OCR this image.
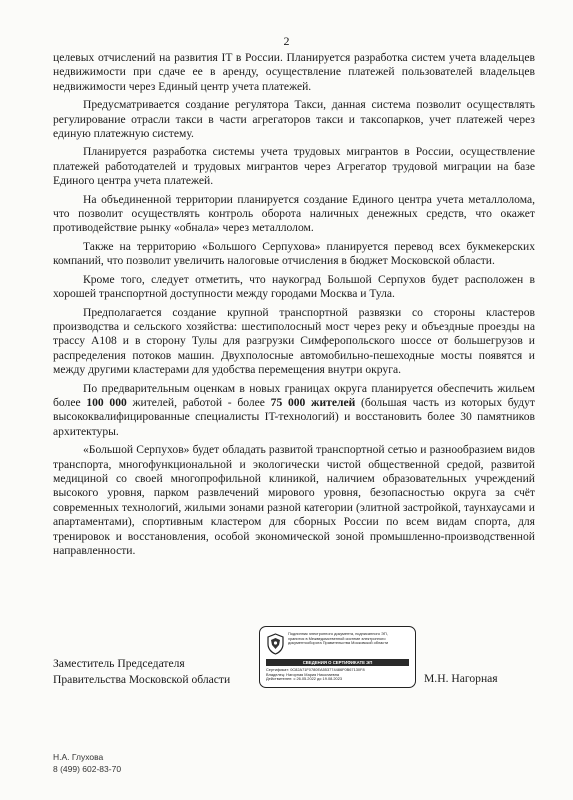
2

целевых отчислений на развития IT в России. Планируется разработка систем учета владельцев недвижимости при сдаче ее в аренду, осуществление платежей пользователей владельцев недвижимости через Единый центр учета платежей.

Предусматривается создание регулятора Такси, данная система позволит осуществлять регулирование отрасли такси в части агрегаторов такси и таксопарков, учет платежей через единую платежную систему.

Планируется разработка системы учета трудовых мигрантов в России, осуществление платежей работодателей и трудовых мигрантов через Агрегатор трудовой миграции на базе Единого центра учета платежей.

На объединенной территории планируется создание Единого центра учета металлолома, что позволит осуществлять контроль оборота наличных денежных средств, что окажет противодействие рынку «обнала» через металлолом.

Также на территорию «Большого Серпухова» планируется перевод всех букмекерских компаний, что позволит увеличить налоговые отчисления в бюджет Московской области.

Кроме того, следует отметить, что наукоград Большой Серпухов будет расположен в хорошей транспортной доступности между городами Москва и Тула.

Предполагается создание крупной транспортной развязки со стороны кластеров производства и сельского хозяйства: шестиполосный мост через реку и объездные проезды на трассу А108 и в сторону Тулы для разгрузки Симферопольского шоссе от большегрузов и распределения потоков машин. Двухполосные автомобильно-пешеходные мосты появятся и между другими кластерами для удобства перемещения внутри округа.

По предварительным оценкам в новых границах округа планируется обеспечить жильем более 100 000 жителей, работой - более 75 000 жителей (большая часть из которых будут высококвалифицированные специалисты IT-технологий) и восстановить более 30 памятников архитектуры.

«Большой Серпухов» будет обладать развитой транспортной сетью и разнообразием видов транспорта, многофункциональной и экологически чистой общественной средой, развитой медициной со своей многопрофильной клиникой, наличием образовательных учреждений высокого уровня, парком развлечений мирового уровня, безопасностью округа за счёт современных технологий, жилыми зонами разной категории (элитной застройкой, таунхаусами и апартаментами), спортивным кластером для сборных России по всем видам спорта, для тренировок и восстановления, особой экономической зоной промышленно-производственной направленности.

Заместитель Председателя
Правительства Московской области
Подлинник электронного документа, подписанного ЭП,
хранится в Межведомственной системе электронного
документооборота Правительства Московской области
СВЕДЕНИЯ О СЕРТИФИКАТЕ ЭП
Сертификат: 0C82A71F0780EA553774486F0B67130F8
Владелец: Нагорная Мария Николаевна
Действителен: с 26.05.2022 до 19.08.2023	М.Н. Нагорная
Н.А. Глухова
8 (499) 602-83-70
